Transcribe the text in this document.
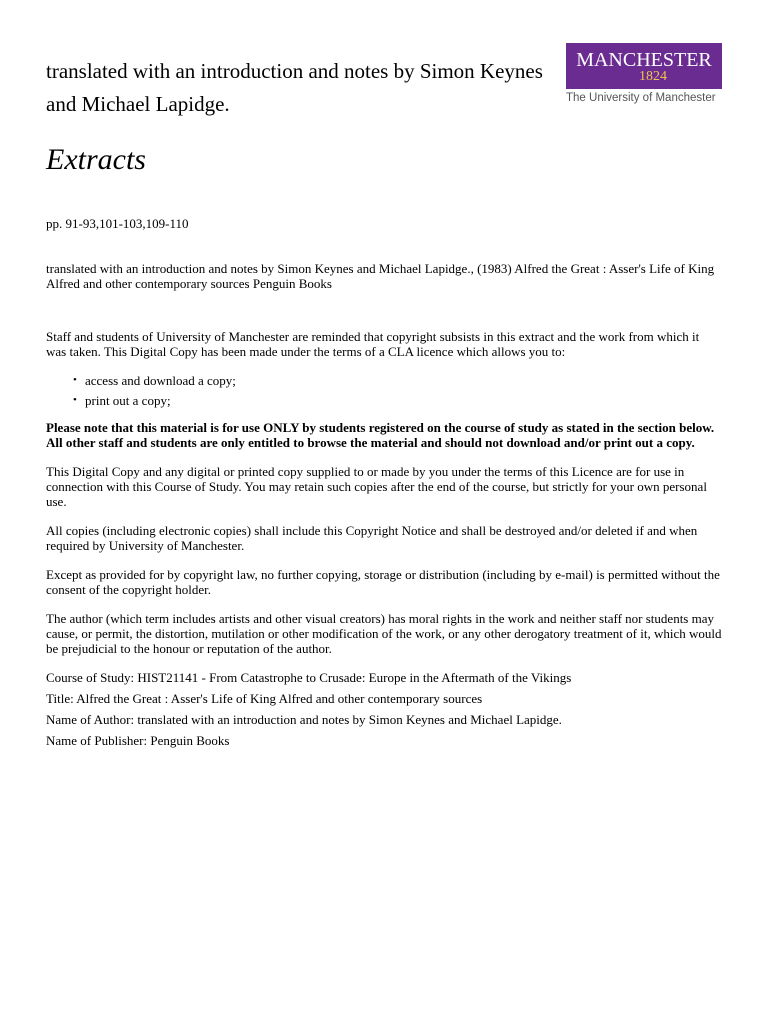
translated with an introduction and notes by Simon Keynes and Michael Lapidge.
MANCHESTER
1824
The University of Manchester
Extracts
pp. 91-93,101-103,109-110
translated with an introduction and notes by Simon Keynes and Michael Lapidge., (1983) Alfred the Great : Asser's Life of King Alfred and other contemporary sources Penguin Books

Staff and students of University of Manchester are reminded that copyright subsists in this extract and the work from which it was taken. This Digital Copy has been made under the terms of a CLA licence which allows you to:

• access and download a copy;
• print out a copy;

Please note that this material is for use ONLY by students registered on the course of study as stated in the section below. All other staff and students are only entitled to browse the material and should not download and/or print out a copy.

This Digital Copy and any digital or printed copy supplied to or made by you under the terms of this Licence are for use in connection with this Course of Study. You may retain such copies after the end of the course, but strictly for your own personal use.

All copies (including electronic copies) shall include this Copyright Notice and shall be destroyed and/or deleted if and when required by University of Manchester.

Except as provided for by copyright law, no further copying, storage or distribution (including by e-mail) is permitted without the consent of the copyright holder.

The author (which term includes artists and other visual creators) has moral rights in the work and neither staff nor students may cause, or permit, the distortion, mutilation or other modification of the work, or any other derogatory treatment of it, which would be prejudicial to the honour or reputation of the author.

Course of Study: HIST21141 - From Catastrophe to Crusade: Europe in the Aftermath of the Vikings
Title: Alfred the Great : Asser's Life of King Alfred and other contemporary sources
Name of Author: translated with an introduction and notes by Simon Keynes and Michael Lapidge.
Name of Publisher: Penguin Books
